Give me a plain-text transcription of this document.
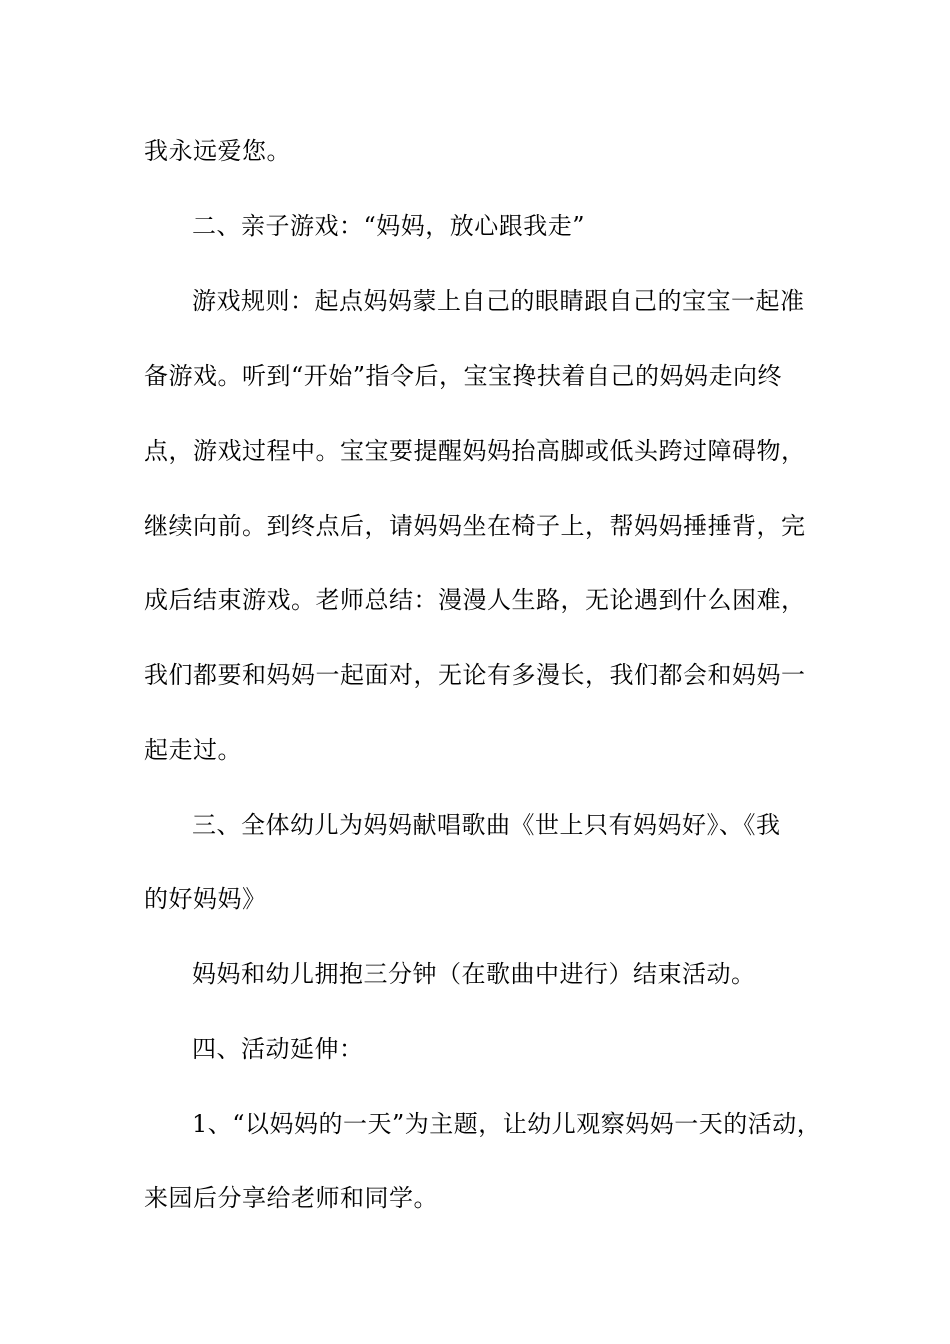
我永远爱您。
二、亲子游戏：“妈妈，放心跟我走”
游戏规则：起点妈妈蒙上自己的眼睛跟自己的宝宝一起准
备游戏。听到“开始”指令后，宝宝搀扶着自己的妈妈走向终
点，游戏过程中。宝宝要提醒妈妈抬高脚或低头跨过障碍物，
继续向前。到终点后，请妈妈坐在椅子上，帮妈妈捶捶背，完
成后结束游戏。老师总结：漫漫人生路，无论遇到什么困难，
我们都要和妈妈一起面对，无论有多漫长，我们都会和妈妈一
起走过。
三、全体幼儿为妈妈献唱歌曲《世上只有妈妈好》、《我
的好妈妈》
妈妈和幼儿拥抱三分钟（在歌曲中进行）结束活动。
四、活动延伸：
1、“以妈妈的一天”为主题，让幼儿观察妈妈一天的活动，
来园后分享给老师和同学。
